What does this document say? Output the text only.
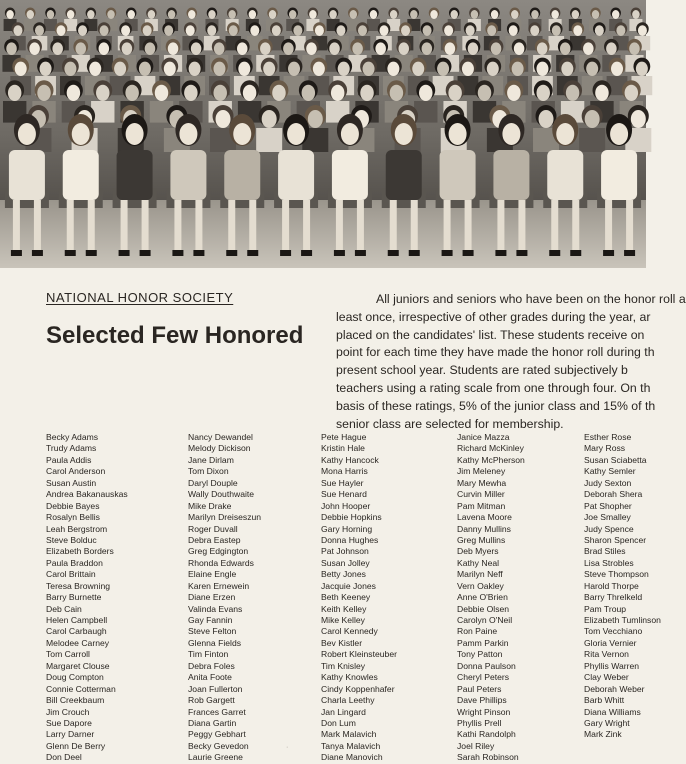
NATIONAL HONOR SOCIETY
Selected Few Honored
All juniors and seniors who have been on the honor roll a
least once, irrespective of other grades during the year, ar
placed on the candidates' list. These students receive on
point for each time they have made the honor roll during th
present school year. Students are rated subjectively b
teachers using a rating scale from one through four. On th
basis of these ratings, 5% of the junior class and 15% of th
senior class are selected for membership.
Becky Adams
Trudy Adams
Paula Addis
Carol Anderson
Susan Austin
Andrea Bakanauskas
Debbie Bayes
Rosalyn Bellis
Leah Bergstrom
Steve Bolduc
Elizabeth Borders
Paula Braddon
Carol Brittain
Teresa Browning
Barry Burnette
Deb Cain
Helen Campbell
Carol Carbaugh
Melodee Carney
Tom Carroll
Margaret Clouse
Doug Compton
Connie Cotterman
Bill Creekbaum
Jim Crouch
Sue Dapore
Larry Darner
Glenn De Berry
Don Deel
Nancy Dewandel
Melody Dickison
Jane Dirlam
Tom Dixon
Daryl Douple
Wally Douthwaite
Mike Drake
Marilyn Dreiseszun
Roger Duvall
Debra Eastep
Greg Edgington
Rhonda Edwards
Elaine Engle
Karen Ernewein
Diane Erzen
Valinda Evans
Gay Fannin
Steve Felton
Glenna Fields
Tim Finton
Debra Foles
Anita Foote
Joan Fullerton
Rob Gargett
Frances Garret
Diana Gartin
Peggy Gebhart
Becky Gevedon
Laurie Greene
Pete Hague
Kristin Hale
Kathy Hancock
Mona Harris
Sue Hayler
Sue Henard
John Hooper
Debbie Hopkins
Gary Horning
Donna Hughes
Pat Johnson
Susan Jolley
Betty Jones
Jacquie Jones
Beth Keeney
Keith Kelley
Mike Kelley
Carol Kennedy
Bev Kistler
Robert Kleinsteuber
Tim Knisley
Kathy Knowles
Cindy Koppenhafer
Charla Leethy
Jan Lingard
Don Lum
Mark Malavich
Tanya Malavich
Diane Manovich
Janice Mazza
Richard McKinley
Kathy McPherson
Jim Meleney
Mary Mewha
Curvin Miller
Pam Mitman
Lavena Moore
Danny Mullins
Greg Mullins
Deb Myers
Kathy Neal
Marilyn Neff
Vern Oakley
Anne O'Brien
Debbie Olsen
Carolyn O'Neil
Ron Paine
Pamm Parkin
Tony Patton
Donna Paulson
Cheryl Peters
Paul Peters
Dave Phillips
Wright Pinson
Phyllis Prell
Kathi Randolph
Joel Riley
Sarah Robinson
Esther Rose
Mary Ross
Susan Sciabetta
Kathy Semler
Judy Sexton
Deborah Shera
Pat Shopher
Joe Smalley
Judy Spence
Sharon Spencer
Brad Stiles
Lisa Strobles
Steve Thompson
Harold Thorpe
Barry Threlkeld
Pam Troup
Elizabeth Tumlinson
Tom Vecchiano
Gloria Vernier
Rita Vernon
Phyllis Warren
Clay Weber
Deborah Weber
Barb Whitt
Diana Williams
Gary Wright
Mark Zink
·
